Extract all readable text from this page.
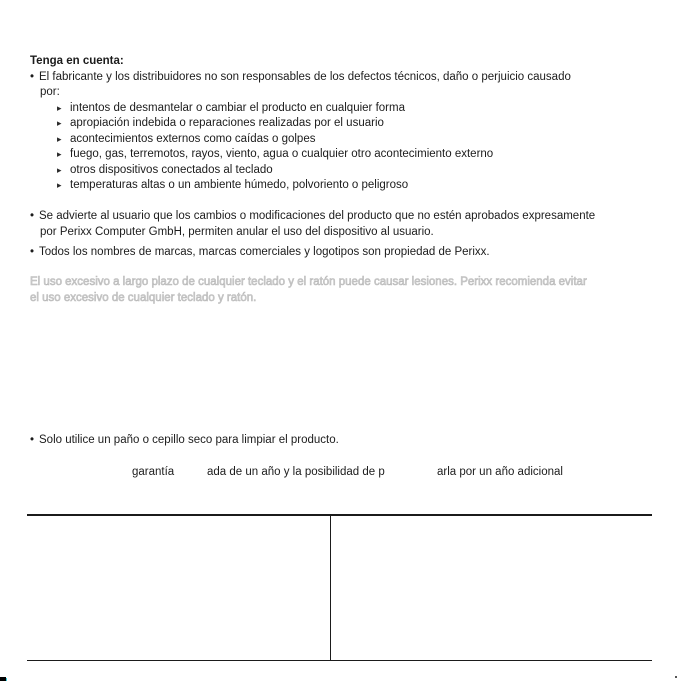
Tenga en cuenta:
• El fabricante y los distribuidores no son responsables de los defectos técnicos, daño o perjuicio causado
por:
▸ intentos de desmantelar o cambiar el producto en cualquier forma
▸ apropiación indebida o reparaciones realizadas por el usuario
▸ acontecimientos externos como caídas o golpes
▸ fuego, gas, terremotos, rayos, viento, agua o cualquier otro acontecimiento externo
▸ otros dispositivos conectados al teclado
▸ temperaturas altas o un ambiente húmedo, polvoriento o peligroso
• Se advierte al usuario que los cambios o modificaciones del producto que no estén aprobados expresamente
por Perixx Computer GmbH, permiten anular el uso del dispositivo al usuario.
• Todos los nombres de marcas, marcas comerciales y logotipos son propiedad de Perixx.
El uso excesivo a largo plazo de cualquier teclado y el ratón puede causar lesiones. Perixx recomienda evitar
el uso excesivo de cualquier teclado y ratón.
• Solo utilice un paño o cepillo seco para limpiar el producto.
garantía	ada de un año y la posibilidad de p	arla por un año adicional
